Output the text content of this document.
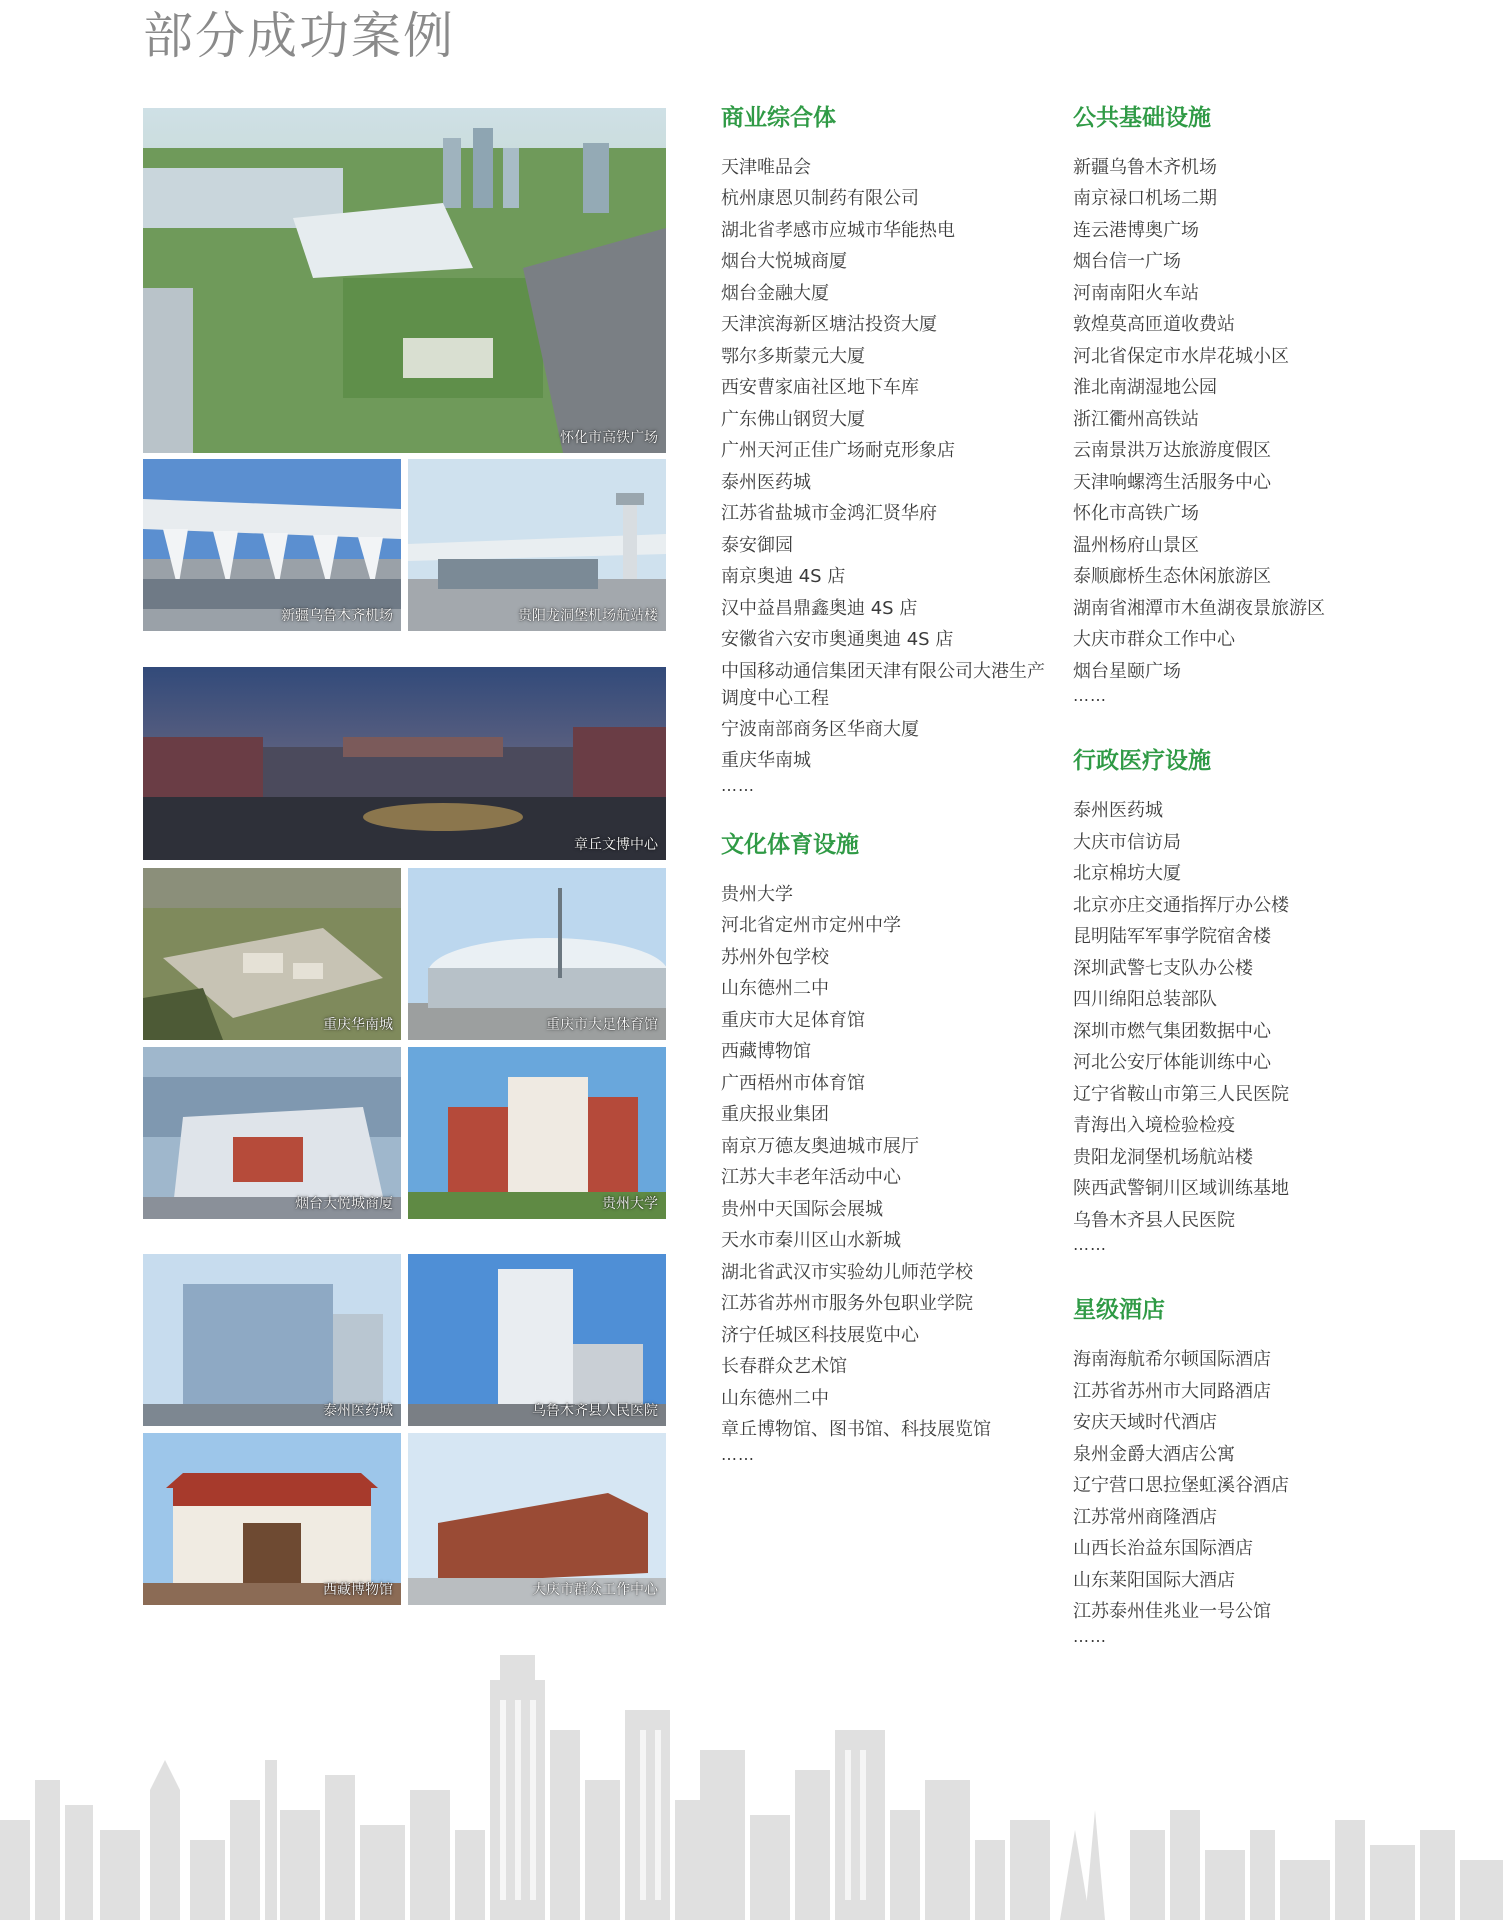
部分成功案例
怀化市高铁广场
新疆乌鲁木齐机场	贵阳龙洞堡机场航站楼
章丘文博中心
重庆华南城	重庆市大足体育馆
烟台大悦城商厦	贵州大学
泰州医药城	乌鲁木齐县人民医院
西藏博物馆	大庆市群众工作中心
商业综合体
天津唯品会
杭州康恩贝制药有限公司
湖北省孝感市应城市华能热电
烟台大悦城商厦
烟台金融大厦
天津滨海新区塘沽投资大厦
鄂尔多斯蒙元大厦
西安曹家庙社区地下车库
广东佛山钢贸大厦
广州天河正佳广场耐克形象店
泰州医药城
江苏省盐城市金鸿汇贤华府
泰安御园
南京奥迪 4S 店
汉中益昌鼎鑫奥迪 4S 店
安徽省六安市奥通奥迪 4S 店
中国移动通信集团天津有限公司大港生产调度中心工程
宁波南部商务区华商大厦
重庆华南城
……
文化体育设施
贵州大学
河北省定州市定州中学
苏州外包学校
山东德州二中
重庆市大足体育馆
西藏博物馆
广西梧州市体育馆
重庆报业集团
南京万德友奥迪城市展厅
江苏大丰老年活动中心
贵州中天国际会展城
天水市秦川区山水新城
湖北省武汉市实验幼儿师范学校
江苏省苏州市服务外包职业学院
济宁任城区科技展览中心
长春群众艺术馆
山东德州二中
章丘博物馆、图书馆、科技展览馆
……
公共基础设施
新疆乌鲁木齐机场
南京禄口机场二期
连云港博奥广场
烟台信一广场
河南南阳火车站
敦煌莫高匝道收费站
河北省保定市水岸花城小区
淮北南湖湿地公园
浙江衢州高铁站
云南景洪万达旅游度假区
天津响螺湾生活服务中心
怀化市高铁广场
温州杨府山景区
泰顺廊桥生态休闲旅游区
湖南省湘潭市木鱼湖夜景旅游区
大庆市群众工作中心
烟台星颐广场
……
行政医疗设施
泰州医药城
大庆市信访局
北京棉坊大厦
北京亦庄交通指挥厅办公楼
昆明陆军军事学院宿舍楼
深圳武警七支队办公楼
四川绵阳总装部队
深圳市燃气集团数据中心
河北公安厅体能训练中心
辽宁省鞍山市第三人民医院
青海出入境检验检疫
贵阳龙洞堡机场航站楼
陕西武警铜川区域训练基地
乌鲁木齐县人民医院
……
星级酒店
海南海航希尔顿国际酒店
江苏省苏州市大同路酒店
安庆天域时代酒店
泉州金爵大酒店公寓
辽宁营口思拉堡虹溪谷酒店
江苏常州商隆酒店
山西长治益东国际酒店
山东莱阳国际大酒店
江苏泰州佳兆业一号公馆
……
